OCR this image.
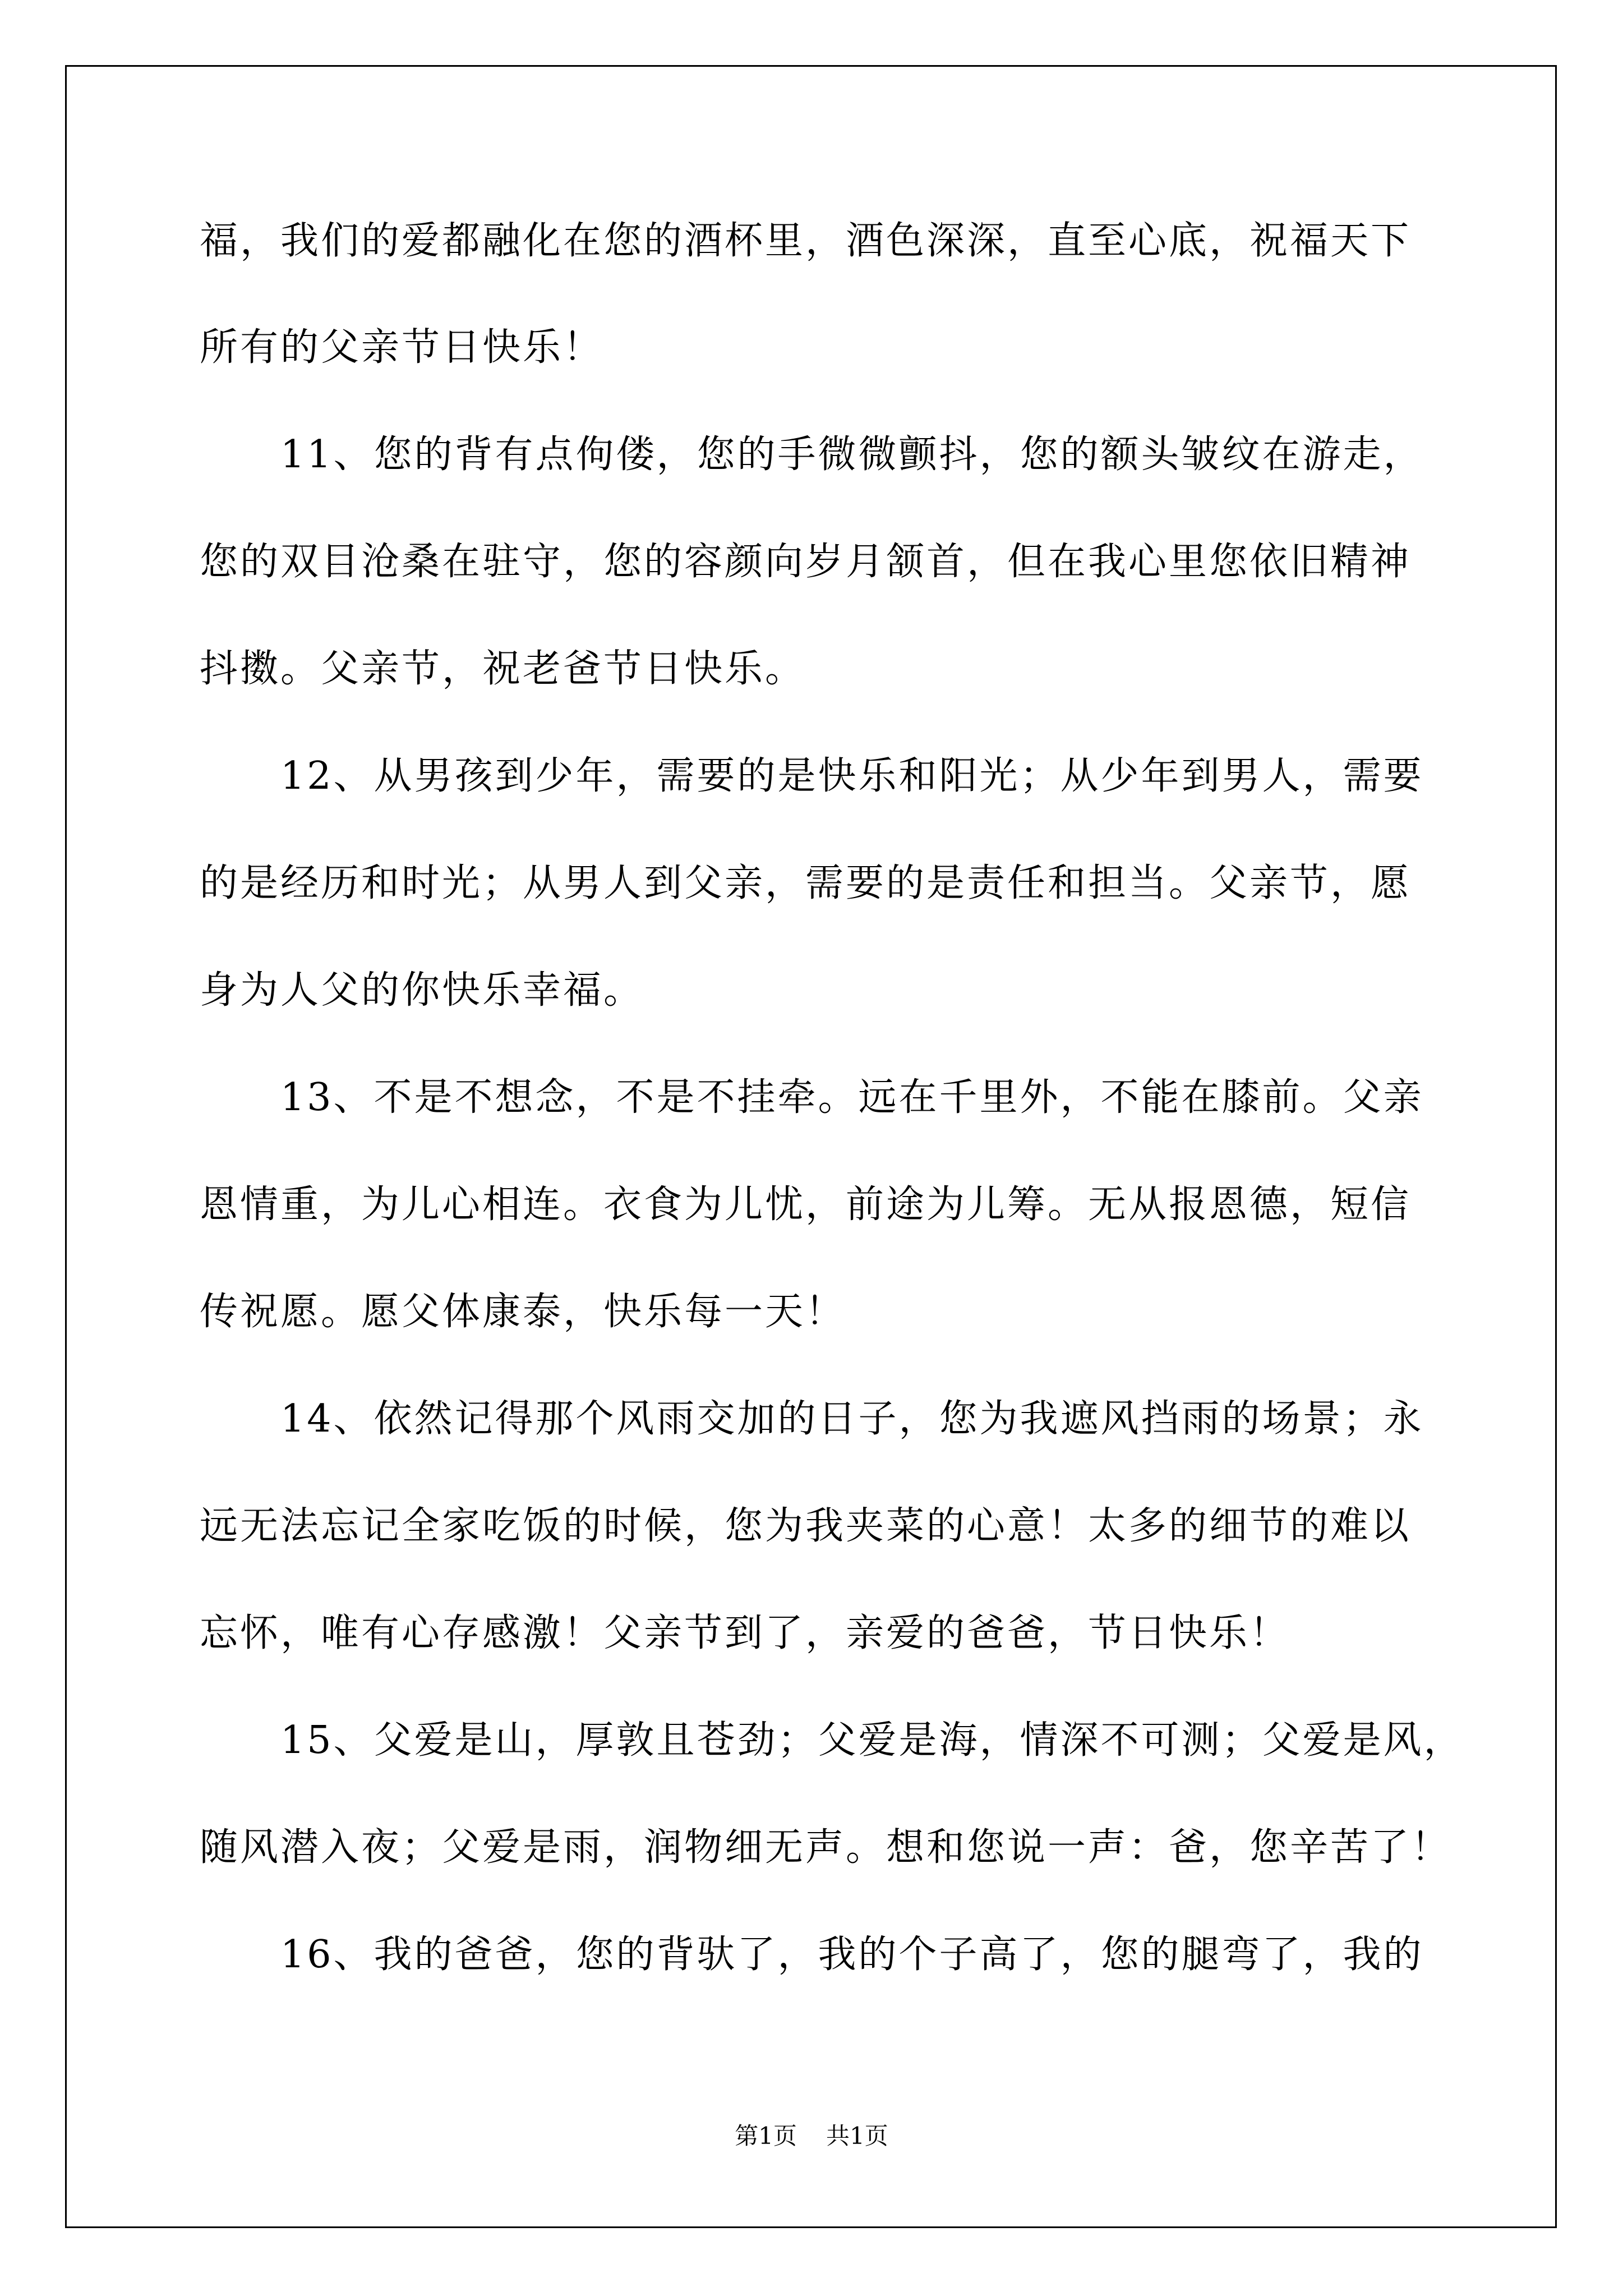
福，我们的爱都融化在您的酒杯里，酒色深深，直至心底，祝福天下
所有的父亲节日快乐！
　　11、您的背有点佝偻，您的手微微颤抖，您的额头皱纹在游走，
您的双目沧桑在驻守，您的容颜向岁月颔首，但在我心里您依旧精神
抖擞。父亲节，祝老爸节日快乐。
　　12、从男孩到少年，需要的是快乐和阳光；从少年到男人，需要
的是经历和时光；从男人到父亲，需要的是责任和担当。父亲节，愿
身为人父的你快乐幸福。
　　13、不是不想念，不是不挂牵。远在千里外，不能在膝前。父亲
恩情重，为儿心相连。衣食为儿忧，前途为儿筹。无从报恩德，短信
传祝愿。愿父体康泰，快乐每一天！
　　14、依然记得那个风雨交加的日子，您为我遮风挡雨的场景；永
远无法忘记全家吃饭的时候，您为我夹菜的心意！太多的细节的难以
忘怀，唯有心存感激！父亲节到了，亲爱的爸爸，节日快乐！
　　15、父爱是山，厚敦且苍劲；父爱是海，情深不可测；父爱是风，
随风潜入夜；父爱是雨，润物细无声。想和您说一声：爸，您辛苦了！
　　16、我的爸爸，您的背驮了，我的个子高了，您的腿弯了，我的
第1页 共1页
